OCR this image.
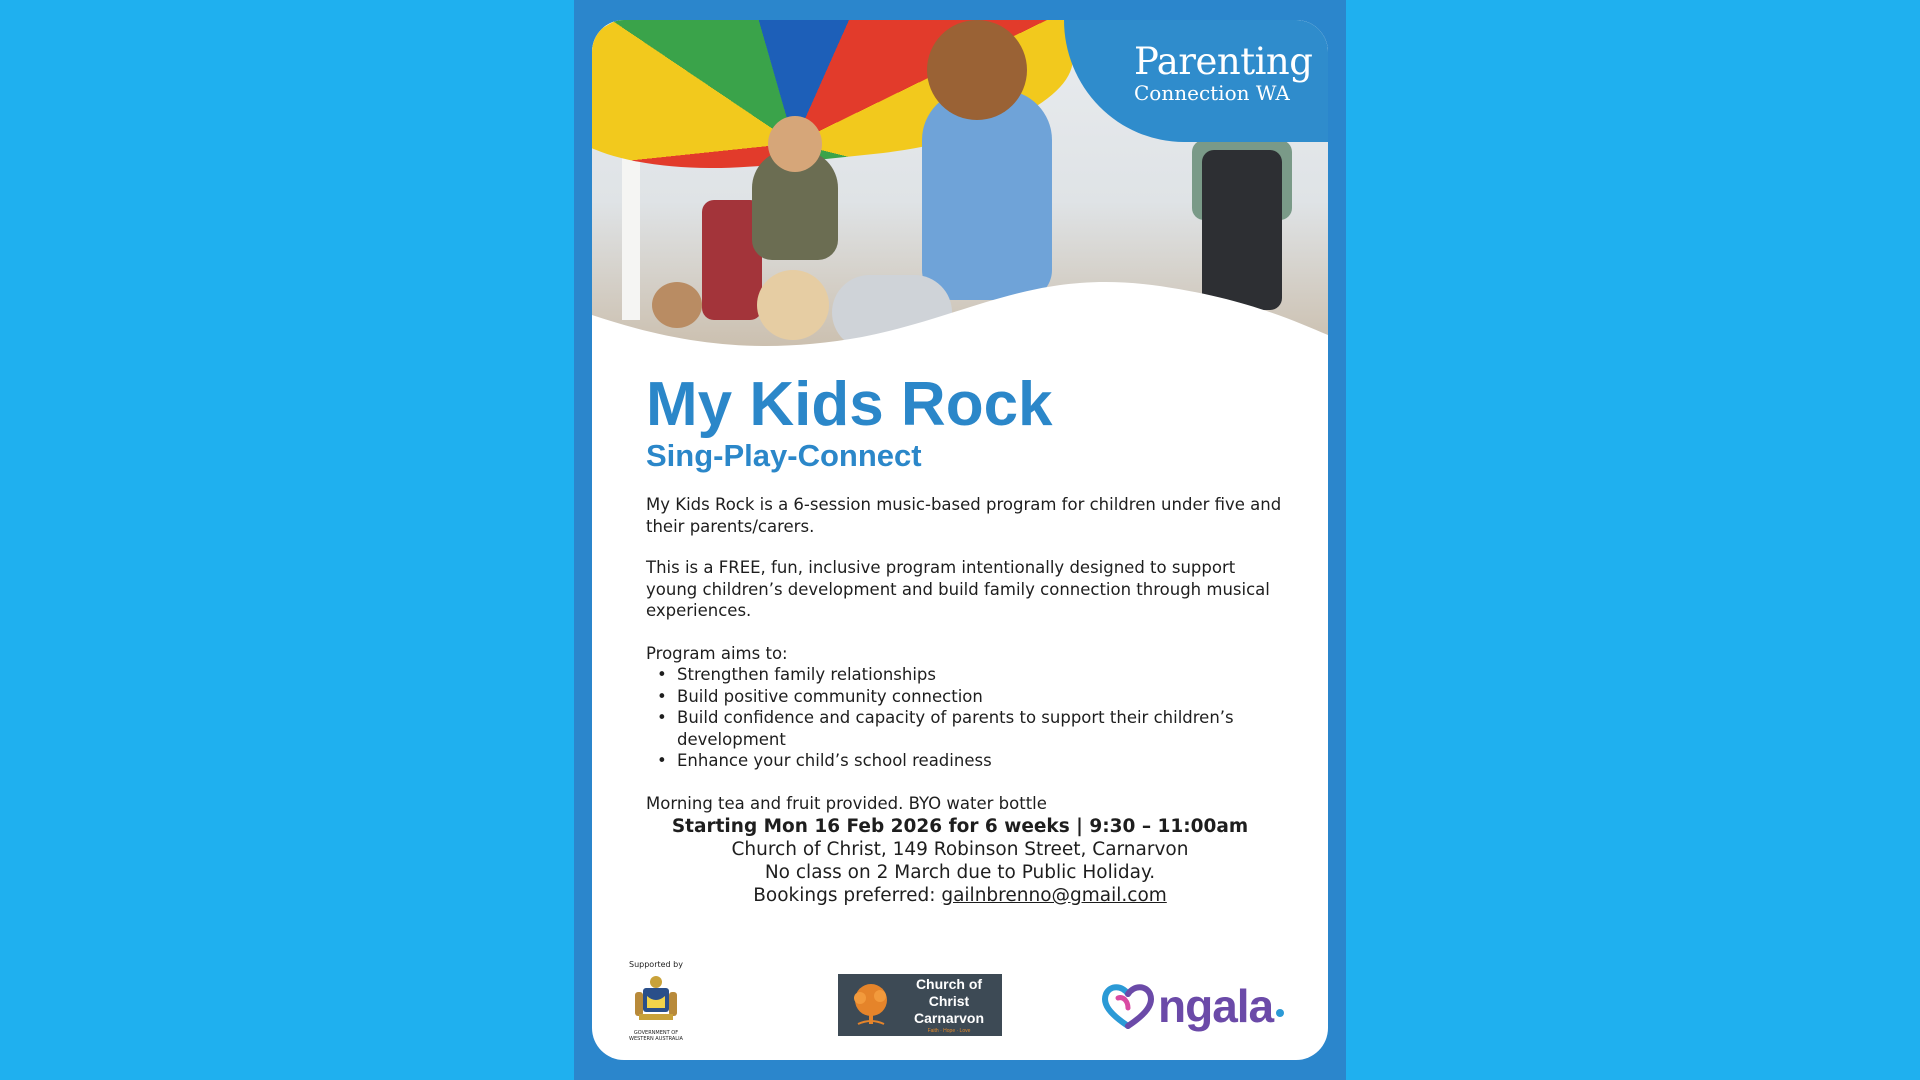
Parenting
Connection WA
My Kids Rock
Sing-Play-Connect

My Kids Rock is a 6-session music-based program for children under five and their parents/carers.

This is a FREE, fun, inclusive program intentionally designed to support young children’s development and build family connection through musical experiences.

Program aims to:

• Strengthen family relationships
• Build positive community connection
• Build confidence and capacity of parents to support their children’s development
• Enhance your child’s school readiness

Morning tea and fruit provided. BYO water bottle

Starting Mon 16 Feb 2026 for 6 weeks | 9:30 – 11:00am
Church of Christ, 149 Robinson Street, Carnarvon
No class on 2 March due to Public Holiday.
Bookings preferred: gailnbrenno@gmail.com
Supported by
GOVERNMENT OF WESTERN AUSTRALIA
Church of Christ
Carnarvon
Faith · Hope · Love	ngala
